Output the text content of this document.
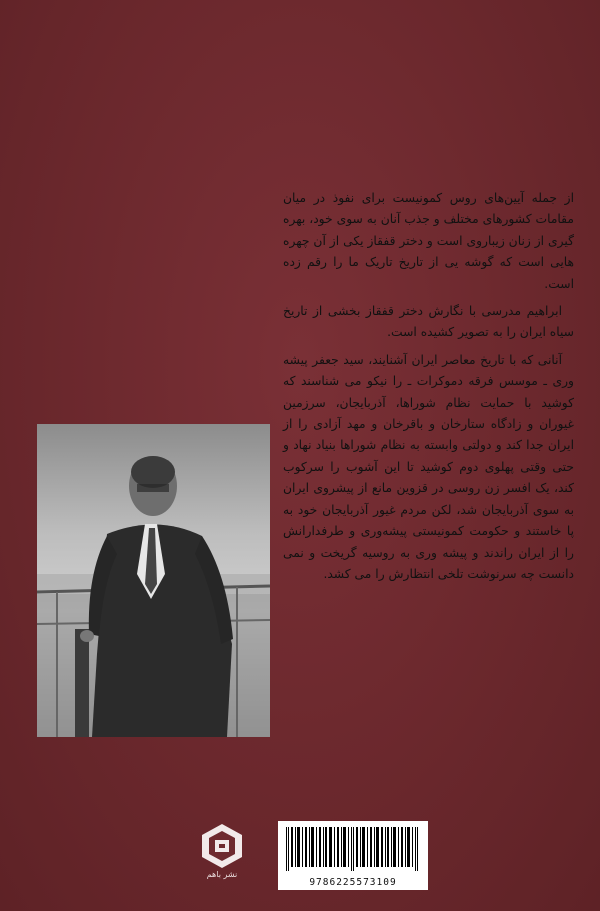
از جمله آیین‌های روس کمونیست برای نفوذ در میان مقامات کشورهای مختلف و جذب آنان به سوی خود، بهره گیری از زنان زیباروی است و دختر قفقاز یکی از آن چهره هایی است که گوشه یی از تاریخ تاریک ما را رقم زده است.

ابراهیم مدرسی با نگارش دختر قفقاز بخشی از تاریخ سیاه ایران را به تصویر کشیده است.

آنانی که با تاریخ معاصر ایران آشنایند، سید جعفر پیشه وری ـ موسس فرقه دموکرات ـ را نیکو می شناسند که کوشید با حمایت نظام شوراها، آذربایجان، سرزمین غیوران و زادگاه ستارخان و باقرخان و مهد آزادی را از ایران جدا کند و دولتی وابسته به نظام شوراها بنیاد نهاد و حتی وقتی پهلوی دوم کوشید تا این آشوب را سرکوب کند، یک افسر زن روسی در قزوین مانع از پیشروی ایران به سوی آذربایجان شد، لکن مردم غیور آذربایجان خود به پا خاستند و حکومت کمونیستی پیشه‌وری و طرفدارانش را از ایران راندند و پیشه وری به روسیه گریخت و نمی دانست چه سرنوشت تلخی انتظارش را می کشد.

نشر باهم
9786225573109
